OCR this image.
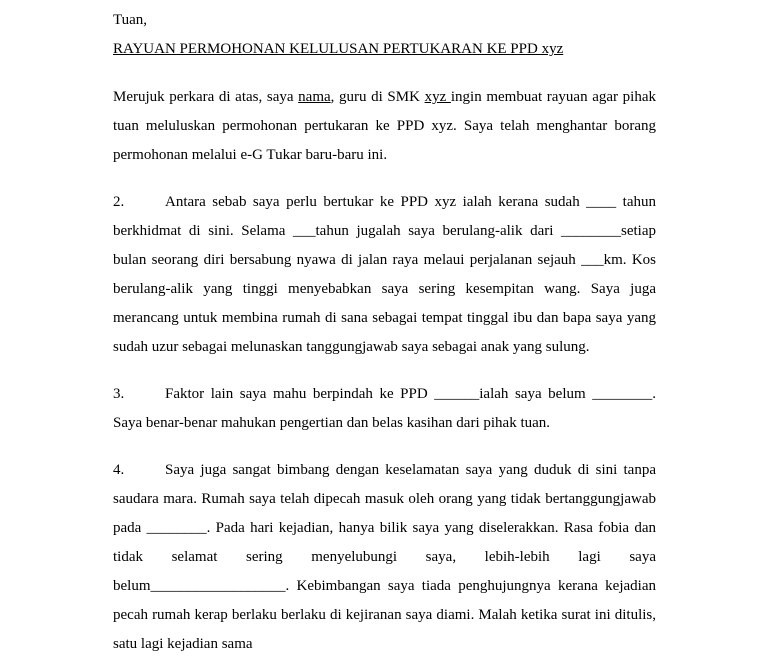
Tuan,

RAYUAN PERMOHONAN KELULUSAN PERTUKARAN KE PPD xyz

Merujuk perkara di atas, saya nama, guru di SMK xyz ingin membuat rayuan agar pihak tuan meluluskan permohonan pertukaran ke PPD xyz. Saya telah menghantar borang permohonan melalui e-G Tukar baru-baru ini.

2.	Antara sebab saya perlu bertukar ke PPD xyz ialah kerana sudah ____ tahun berkhidmat di sini. Selama ___tahun jugalah saya berulang-alik dari ________setiap bulan seorang diri bersabung nyawa di jalan raya melaui perjalanan sejauh ___km. Kos berulang-alik yang tinggi menyebabkan saya sering kesempitan wang. Saya juga merancang untuk membina rumah di sana sebagai tempat tinggal ibu dan bapa saya yang sudah uzur sebagai melunaskan tanggungjawab saya sebagai anak yang sulung.

3.	Faktor lain saya mahu berpindah ke PPD ______ialah saya belum ________. Saya benar-benar mahukan pengertian dan belas kasihan dari pihak tuan.

4.	Saya juga sangat bimbang dengan keselamatan saya yang duduk di sini tanpa saudara mara. Rumah saya telah dipecah masuk oleh orang yang tidak bertanggungjawab pada ________. Pada hari kejadian, hanya bilik saya yang diselerakkan. Rasa fobia dan tidak selamat sering menyelubungi saya, lebih-lebih lagi saya belum__________________. Kebimbangan saya tiada penghujungnya kerana kejadian pecah rumah kerap berlaku berlaku di kejiranan saya diami. Malah ketika surat ini ditulis, satu lagi kejadian sama
